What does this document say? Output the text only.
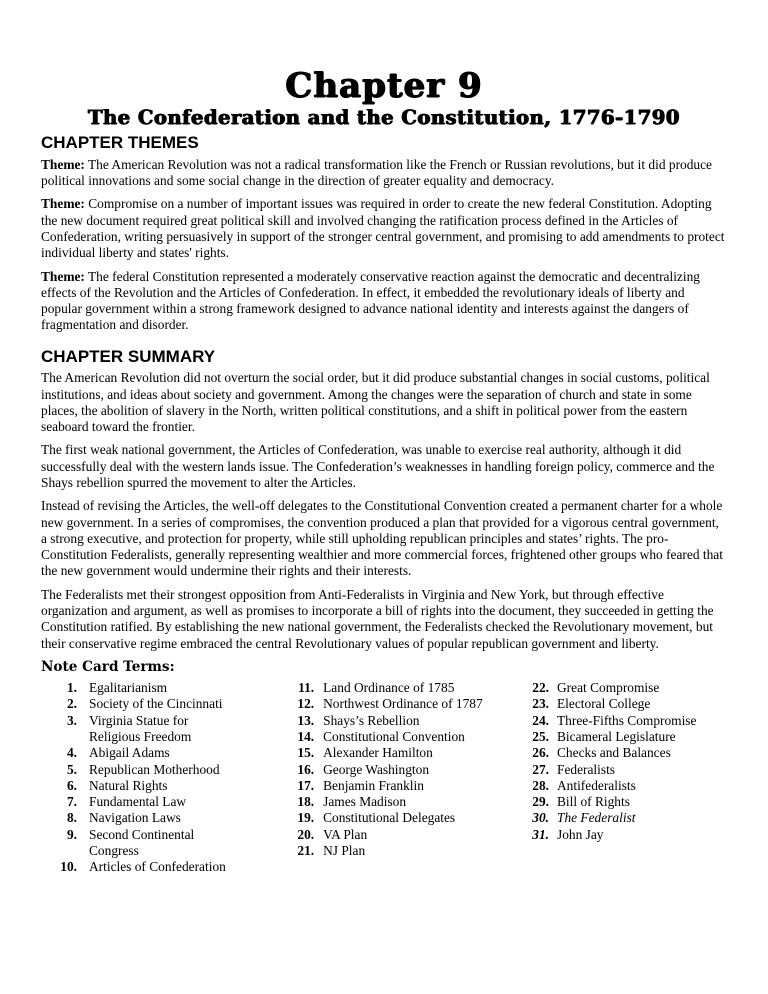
Chapter 9
The Confederation and the Constitution, 1776-1790
CHAPTER THEMES

Theme: The American Revolution was not a radical transformation like the French or Russian revolutions, but it did produce political innovations and some social change in the direction of greater equality and democracy.

Theme: Compromise on a number of important issues was required in order to create the new federal Constitution. Adopting the new document required great political skill and involved changing the ratification process defined in the Articles of Confederation, writing persuasively in support of the stronger central government, and promising to add amendments to protect individual liberty and states' rights.

Theme: The federal Constitution represented a moderately conservative reaction against the democratic and decentralizing effects of the Revolution and the Articles of Confederation. In effect, it embedded the revolutionary ideals of liberty and popular government within a strong framework designed to advance national identity and interests against the dangers of fragmentation and disorder.

CHAPTER SUMMARY

The American Revolution did not overturn the social order, but it did produce substantial changes in social customs, political institutions, and ideas about society and government. Among the changes were the separation of church and state in some places, the abolition of slavery in the North, written political constitutions, and a shift in political power from the eastern seaboard toward the frontier.

The first weak national government, the Articles of Confederation, was unable to exercise real authority, although it did successfully deal with the western lands issue. The Confederation’s weaknesses in handling foreign policy, commerce and the Shays rebellion spurred the movement to alter the Articles.

Instead of revising the Articles, the well-off delegates to the Constitutional Convention created a permanent charter for a whole new government. In a series of compromises, the convention produced a plan that provided for a vigorous central government, a strong executive, and protection for property, while still upholding republican principles and states’ rights. The pro-Constitution Federalists, generally representing wealthier and more commercial forces, frightened other groups who feared that the new government would undermine their rights and their interests.

The Federalists met their strongest opposition from Anti-Federalists in Virginia and New York, but through effective organization and argument, as well as promises to incorporate a bill of rights into the document, they succeeded in getting the Constitution ratified. By establishing the new national government, the Federalists checked the Revolutionary movement, but their conservative regime embraced the central Revolutionary values of popular republican government and liberty.

Note Card Terms:
1. Egalitarianism
2. Society of the Cincinnati
3. Virginia Statue for Religious Freedom
4. Abigail Adams
5. Republican Motherhood
6. Natural Rights
7. Fundamental Law
8. Navigation Laws
9. Second Continental Congress
10. Articles of Confederation
11. Land Ordinance of 1785
12. Northwest Ordinance of 1787
13. Shays’s Rebellion
14. Constitutional Convention
15. Alexander Hamilton
16. George Washington
17. Benjamin Franklin
18. James Madison
19. Constitutional Delegates
20. VA Plan
21. NJ Plan
22. Great Compromise
23. Electoral College
24. Three-Fifths Compromise
25. Bicameral Legislature
26. Checks and Balances
27. Federalists
28. Antifederalists
29. Bill of Rights
30. The Federalist
31. John Jay
